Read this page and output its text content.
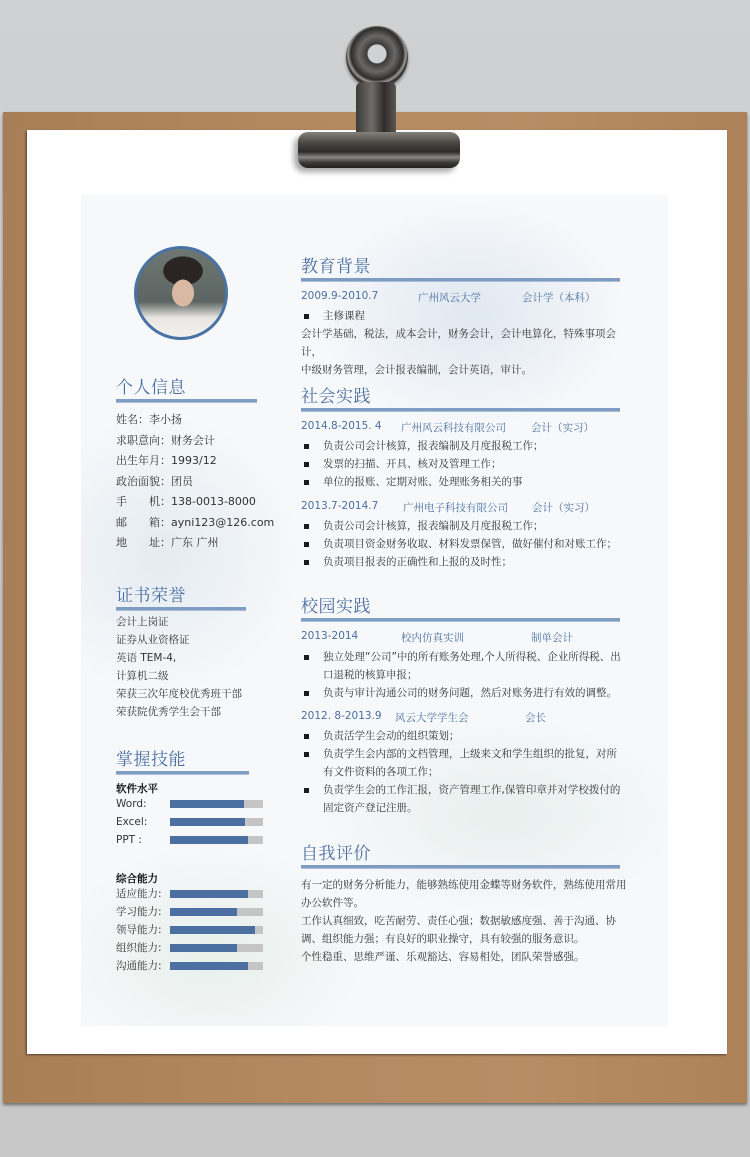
个人信息
姓名：李小扬
求职意向：财务会计
出生年月：1993/12
政治面貌：团员
手　　机：138-0013-8000
邮　　箱：ayni123@126.com
地　　址：广东 广州
证书荣誉
会计上岗证
证券从业资格证
英语 TEM-4,
计算机二级
荣获三次年度校优秀班干部
荣获院优秀学生会干部
掌握技能
软件水平
Word:
Excel:
PPT :
综合能力
适应能力:
学习能力:
领导能力:
组织能力:
沟通能力:
教育背景
2009.9-2010.7	广州风云大学	会计学（本科）
主修课程
会计学基础，税法，成本会计，财务会计，会计电算化，特殊事项会计，
中级财务管理，会计报表编制，会计英语，审计。
社会实践
2014.8-2015. 4 广州风云科技有限公司 会计（实习）
负责公司会计核算，报表编制及月度报税工作；
发票的扫描、开具、核对及管理工作；
单位的报账、定期对账、处理账务相关的事
2013.7-2014.7 广州电子科技有限公司 会计（实习）
负责公司会计核算，报表编制及月度报税工作；
负责项目资金财务收取、材料发票保管，做好催付和对账工作；
负责项目报表的正确性和上报的及时性；
校园实践
2013-2014	校内仿真实训	制单会计
独立处理“公司”中的所有账务处理,个人所得税、企业所得税、出口退税的核算申报；
负责与审计沟通公司的财务问题，然后对账务进行有效的调整。
2012. 8-2013.9 风云大学学生会	会长
负责活学生会动的组织策划；
负责学生会内部的文档管理，上级来文和学生组织的批复，对所有文件资料的各项工作；
负责学生会的工作汇报，资产管理工作,保管印章并对学校拨付的固定资产登记注册。
自我评价
有一定的财务分析能力，能够熟练使用金蝶等财务软件，熟练使用常用办公软件等。
工作认真细致，吃苦耐劳、责任心强；数据敏感度强、善于沟通、协调、组织能力强；有良好的职业操守，具有较强的服务意识。
个性稳重、思维严谨、乐观豁达、容易相处，团队荣誉感强。
